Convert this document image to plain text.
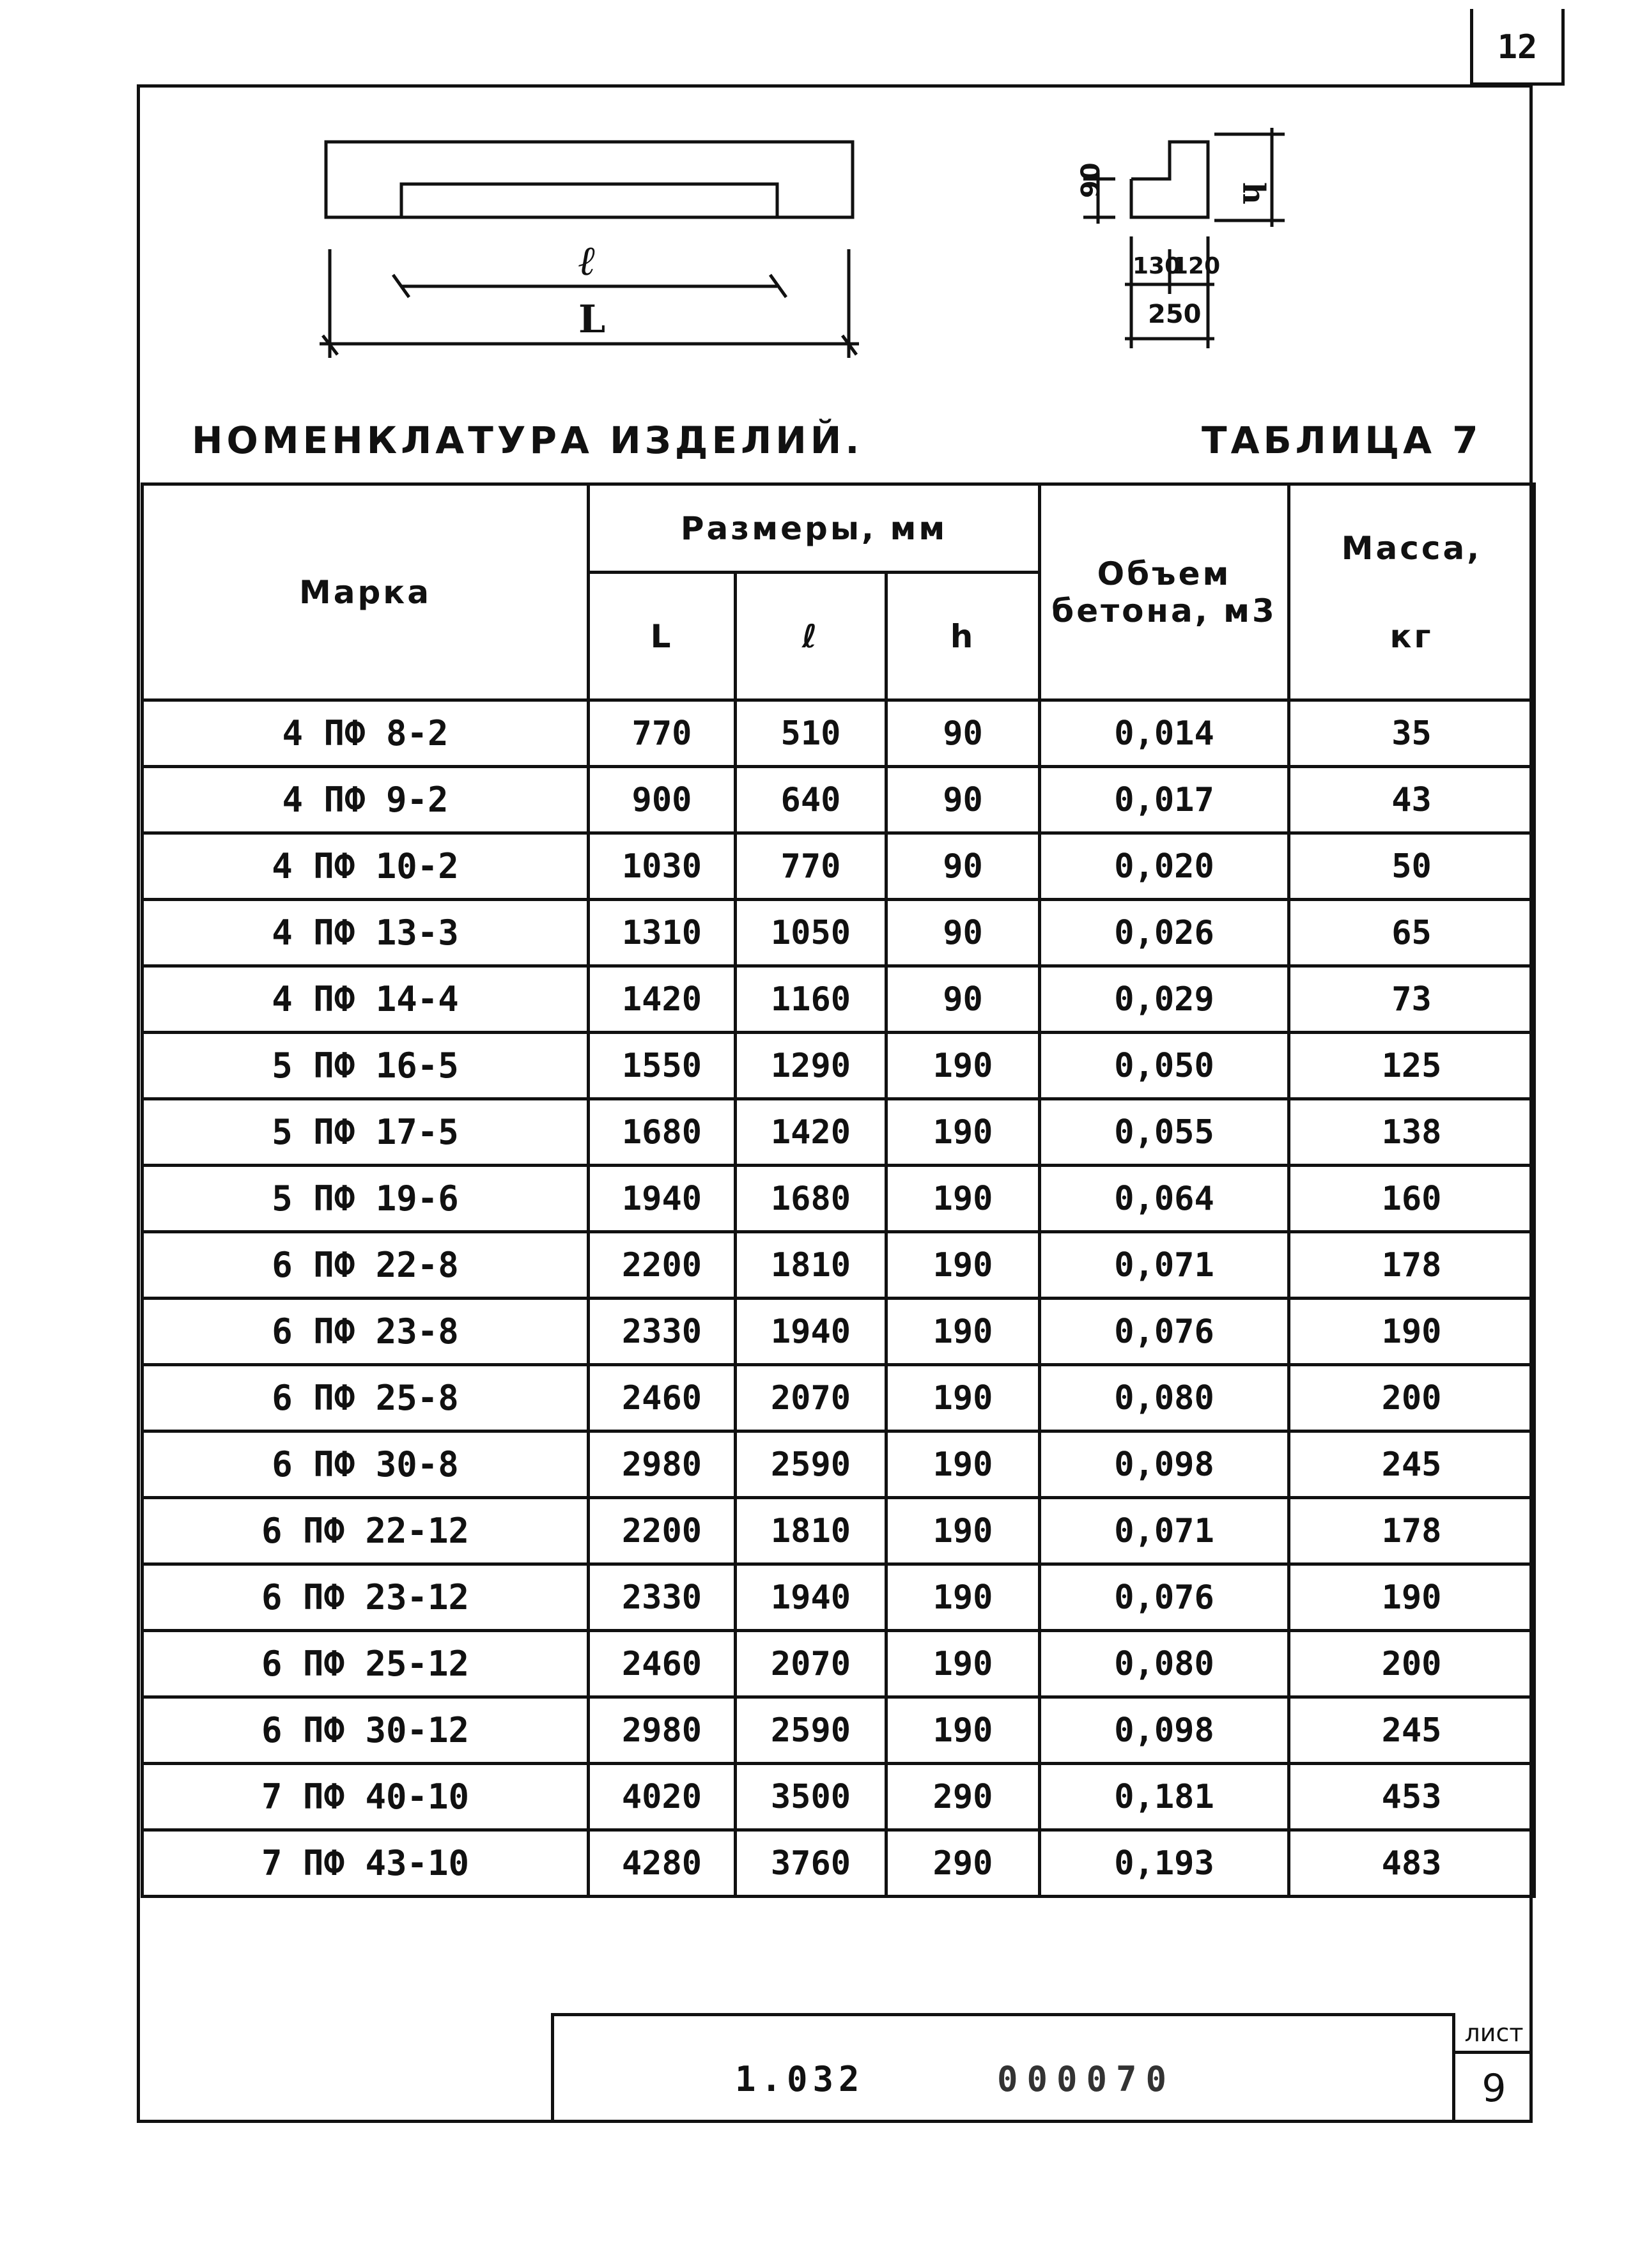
12
ℓ
L
90	h
130
120
250
НОМЕНКЛАТУРА ИЗДЕЛИЙ.	ТАБЛИЦА 7
Марка	Размеры, мм			Объем бетона, м3	Масса,
кг

	L	ℓ	h		
4 ПФ 8-2	770	510	90	0,014	35
4 ПФ 9-2	900	640	90	0,017	43
4 ПФ 10-2	1030	770	90	0,020	50
4 ПФ 13-3	1310	1050	90	0,026	65
4 ПФ 14-4	1420	1160	90	0,029	73
5 ПФ 16-5	1550	1290	190	0,050	125
5 ПФ 17-5	1680	1420	190	0,055	138
5 ПФ 19-6	1940	1680	190	0,064	160
6 ПФ 22-8	2200	1810	190	0,071	178
6 ПФ 23-8	2330	1940	190	0,076	190
6 ПФ 25-8	2460	2070	190	0,080	200
6 ПФ 30-8	2980	2590	190	0,098	245
6 ПФ 22-12	2200	1810	190	0,071	178
6 ПФ 23-12	2330	1940	190	0,076	190
6 ПФ 25-12	2460	2070	190	0,080	200
6 ПФ 30-12	2980	2590	190	0,098	245
7 ПФ 40-10	4020	3500	290	0,181	453
7 ПФ 43-10	4280	3760	290	0,193	483
1.032	000070
лист
9
